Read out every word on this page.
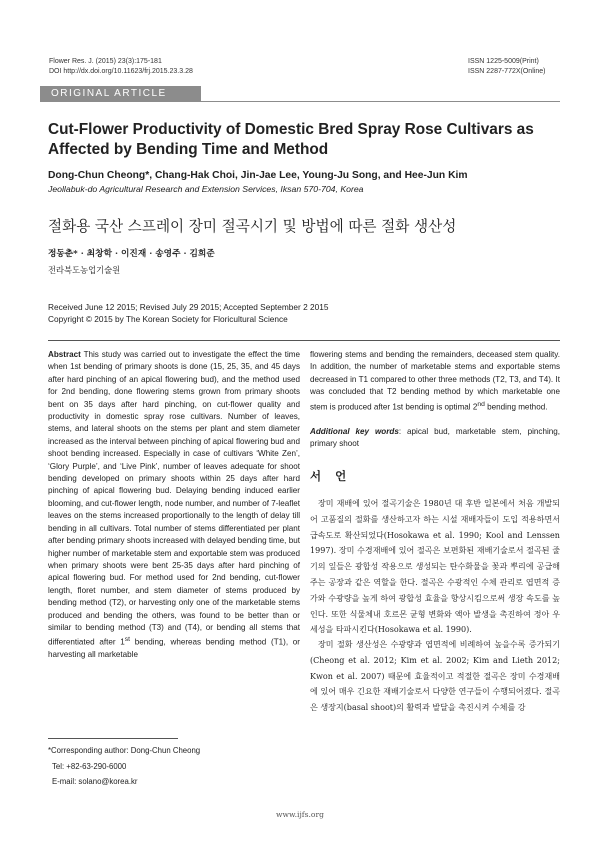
Flower Res. J. (2015) 23(3):175-181
DOI http://dx.doi.org/10.11623/frj.2015.23.3.28
ISSN 1225-5009(Print)
ISSN 2287-772X(Online)
ORIGINAL ARTICLE
Cut-Flower Productivity of Domestic Bred Spray Rose Cultivars as Affected by Bending Time and Method
Dong-Chun Cheong*, Chang-Hak Choi, Jin-Jae Lee, Young-Ju Song, and Hee-Jun Kim
Jeollabuk-do Agricultural Research and Extension Services, Iksan 570-704, Korea
절화용 국산 스프레이 장미 절곡시기 및 방법에 따른 절화 생산성
정동춘* · 최창학 · 이진재 · 송영주 · 김희준
전라북도농업기술원
Received June 12 2015; Revised July 29 2015; Accepted September 2 2015
Copyright © 2015 by The Korean Society for Floricultural Science

Abstract This study was carried out to investigate the effect the time when 1st bending of primary shoots is done (15, 25, 35, and 45 days after hard pinching of an apical flowering bud), and the method used for 2nd bending, done flowering stems grown from primary shoots bent on 35 days after hard pinching, on cut-flower quality and productivity in domestic spray rose cultivars. Number of leaves, stems, and lateral shoots on the stems per plant and stem diameter increased as the interval between pinching of apical flowering bud and shoot bending increased. Especially in case of cultivars ‘White Zen’, ‘Glory Purple’, and ‘Live Pink’, number of leaves adequate for shoot bending developed on primary shoots within 25 days after hard pinching of apical flowering bud. Delaying bending induced earlier blooming, and cut-flower length, node number, and number of 7-leaflet leaves on the stems increased proportionally to the length of delay till bending in all cultivars. Total number of stems differentiated per plant after bending primary shoots increased with delayed bending time, but higher number of marketable stem and exportable stem was produced when primary shoots were bent 25-35 days after hard pinching of apical flowering bud. For method used for 2nd bending, cut-flower length, floret number, and stem diameter of stems produced by bending method (T2), or harvesting only one of the marketable stems produced and bending the others, was found to be better than or similar to bending method (T3) and (T4), or bending all stems that differentiated after 1st bending, whereas bending method (T1), or harvesting all marketable

flowering stems and bending the remainders, deceased stem quality. In addition, the number of marketable stems and exportable stems decreased in T1 compared to other three methods (T2, T3, and T4). It was concluded that T2 bending method by which marketable one stem is produced after 1st bending is optimal 2nd bending method.

Additional key words: apical bud, marketable stem, pinching, primary shoot
서언

장미 재배에 있어 절곡기술은 1980년 대 후반 일본에서 처음 개발되어 고품질의 절화를 생산하고자 하는 시설 재배자들이 도입 적용하면서 급속도로 확산되었다(Hosokawa et al. 1990; Kool and Lenssen 1997). 장미 수경재배에 있어 절곡은 보편화된 재배기술로서 절곡된 줄기의 잎들은 광합성 작용으로 생성되는 탄수화물을 꽃과 뿌리에 공급해주는 공장과 같은 역할을 한다. 절곡은 수광적인 수체 관리로 엽면적 증가와 수광량을 높게 하여 광합성 효율을 향상시킴으로써 생장 속도를 높인다. 또한 식물체내 호르몬 균형 변화와 액아 발생을 촉진하여 정아 우세성을 타파시킨다(Hosokawa et al. 1990).

장미 절화 생산성은 수광량과 엽면적에 비례하여 높을수록 증가되기(Cheong et al. 2012; Kim et al. 2002; Kim and Lieth 2012; Kwon et al. 2007) 때문에 효율적이고 적절한 절곡은 장미 수경재배에 있어 매우 긴요한 재배기술로서 다양한 연구들이 수행되어졌다. 절곡은 생장지(basal shoot)의 활력과 발달을 촉진시켜 수체를 강

*Corresponding author: Dong-Chun Cheong
Tel: +82-63-290-6000
E-mail: solano@korea.kr
www.ijfs.org
